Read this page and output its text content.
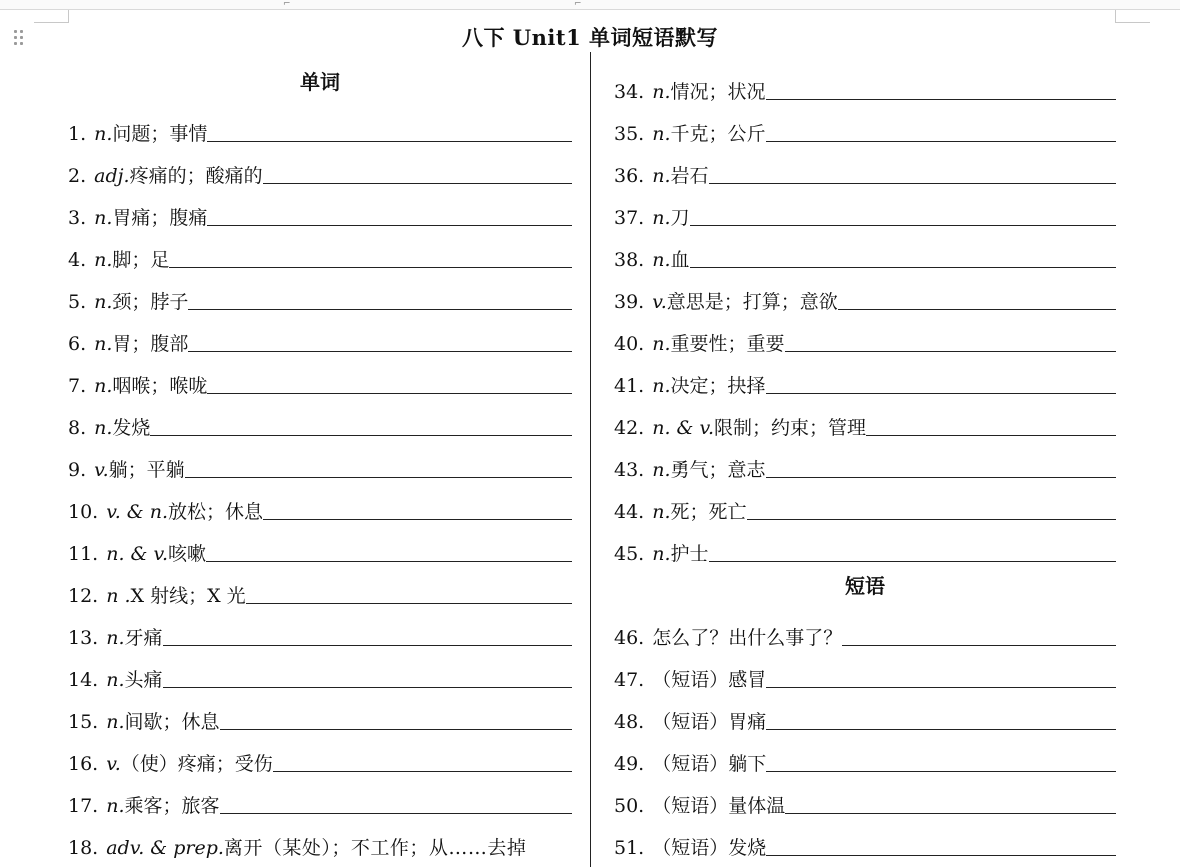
⌐	⌐
八下 Unit1 单词短语默写
单词
1. n. 问题；事情
2. adj. 疼痛的；酸痛的
3. n. 胃痛；腹痛
4. n. 脚；足
5. n. 颈；脖子
6. n. 胃；腹部
7. n. 咽喉；喉咙
8. n. 发烧
9. v. 躺；平躺
10. v. & n. 放松；休息
11. n. & v. 咳嗽
12. n . X 射线；X 光
13. n. 牙痛
14. n. 头痛
15. n. 间歇；休息
16. v. （使）疼痛；受伤
17. n. 乘客；旅客
18. adv. & prep. 离开（某处）；不工作；从……去掉
34. n. 情况；状况
35. n. 千克；公斤
36. n. 岩石
37. n. 刀
38. n. 血
39. v. 意思是；打算；意欲
40. n. 重要性；重要
41. n. 决定；抉择
42. n. & v. 限制；约束；管理
43. n. 勇气；意志
44. n. 死；死亡
45. n. 护士
短语
46. 怎么了？出什么事了？
47. （短语）感冒
48. （短语）胃痛
49. （短语）躺下
50. （短语）量体温
51. （短语）发烧
